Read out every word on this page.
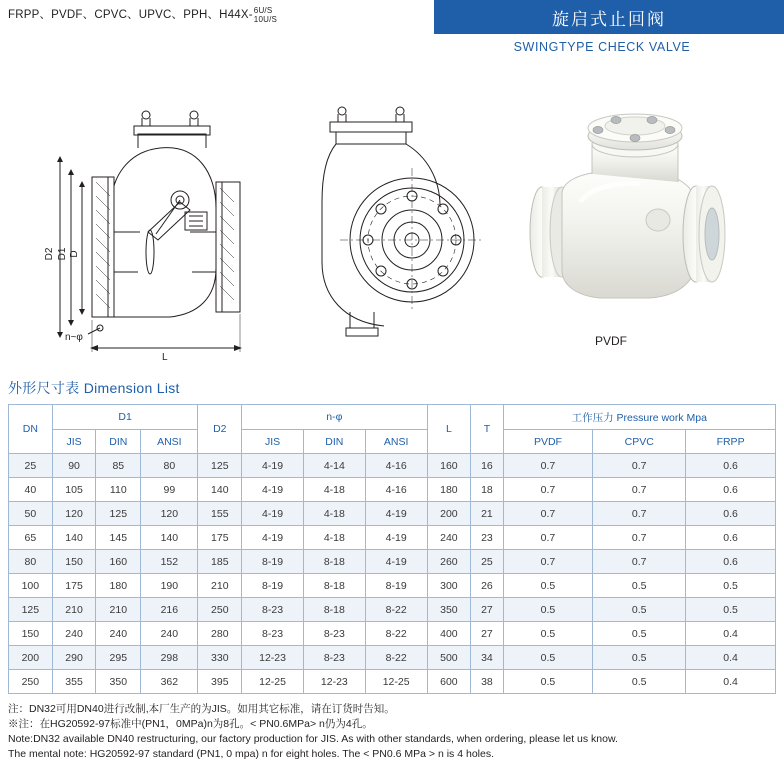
FRPP、PVDF、CPVC、UPVC、PPH、H44X-6U/S
10U/S	旋启式止回阀
SWINGTYPE CHECK VALVE
D2 D1 D
n~φ
L
PVDF
外形尺寸表 Dimension List
DN	D1			D2	n-φ			L	T	工作压力 Pressure work Mpa		
	JIS	DIN	ANSI		JIS	DIN	ANSI			PVDF	CPVC	FRPP
25	90	85	80	125	4-19	4-14	4-16	160	16	0.7	0.7	0.6
40	105	110	99	140	4-19	4-18	4-16	180	18	0.7	0.7	0.6
50	120	125	120	155	4-19	4-18	4-19	200	21	0.7	0.7	0.6
65	140	145	140	175	4-19	4-18	4-19	240	23	0.7	0.7	0.6
80	150	160	152	185	8-19	8-18	4-19	260	25	0.7	0.7	0.6
100	175	180	190	210	8-19	8-18	8-19	300	26	0.5	0.5	0.5
125	210	210	216	250	8-23	8-18	8-22	350	27	0.5	0.5	0.5
150	240	240	240	280	8-23	8-23	8-22	400	27	0.5	0.5	0.4
200	290	295	298	330	12-23	8-23	8-22	500	34	0.5	0.5	0.4
250	355	350	362	395	12-25	12-23	12-25	600	38	0.5	0.5	0.4
注：DN32可用DN40进行改制,本厂生产的为JIS。如用其它标准，请在订货时告知。
※注：在HG20592-97标准中(PN1，0MPa)n为8孔。< PN0.6MPa> n仍为4孔。
Note:DN32 available DN40 restructuring, our factory production for JIS. As with other standards, when ordering, please let us know.
The mental note: HG20592-97 standard (PN1, 0 mpa) n for eight holes. The < PN0.6 MPa > n is 4 holes.
